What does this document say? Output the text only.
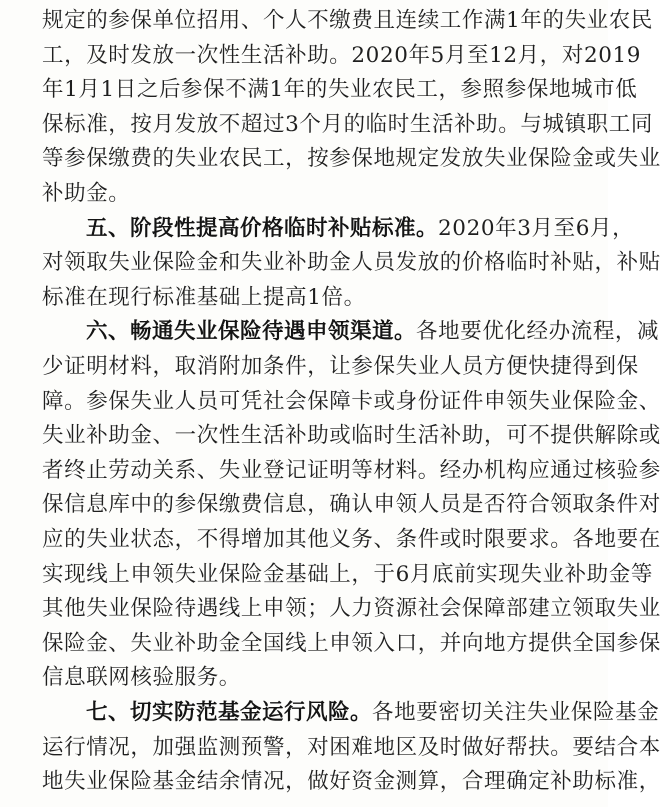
规定的参保单位招用、个人不缴费且连续工作满1年的失业农民
工，及时发放一次性生活补助。2020年5月至12月，对2019
年1月1日之后参保不满1年的失业农民工，参照参保地城市低
保标准，按月发放不超过3个月的临时生活补助。与城镇职工同
等参保缴费的失业农民工，按参保地规定发放失业保险金或失业
补助金。
五、阶段性提高价格临时补贴标准。2020年3月至6月，
对领取失业保险金和失业补助金人员发放的价格临时补贴，补贴
标准在现行标准基础上提高1倍。
六、畅通失业保险待遇申领渠道。各地要优化经办流程，减
少证明材料，取消附加条件，让参保失业人员方便快捷得到保
障。参保失业人员可凭社会保障卡或身份证件申领失业保险金、
失业补助金、一次性生活补助或临时生活补助，可不提供解除或
者终止劳动关系、失业登记证明等材料。经办机构应通过核验参
保信息库中的参保缴费信息，确认申领人员是否符合领取条件对
应的失业状态，不得增加其他义务、条件或时限要求。各地要在
实现线上申领失业保险金基础上，于6月底前实现失业补助金等
其他失业保险待遇线上申领；人力资源社会保障部建立领取失业
保险金、失业补助金全国线上申领入口，并向地方提供全国参保
信息联网核验服务。
七、切实防范基金运行风险。各地要密切关注失业保险基金
运行情况，加强监测预警，对困难地区及时做好帮扶。要结合本
地失业保险基金结余情况，做好资金测算，合理确定补助标准，
